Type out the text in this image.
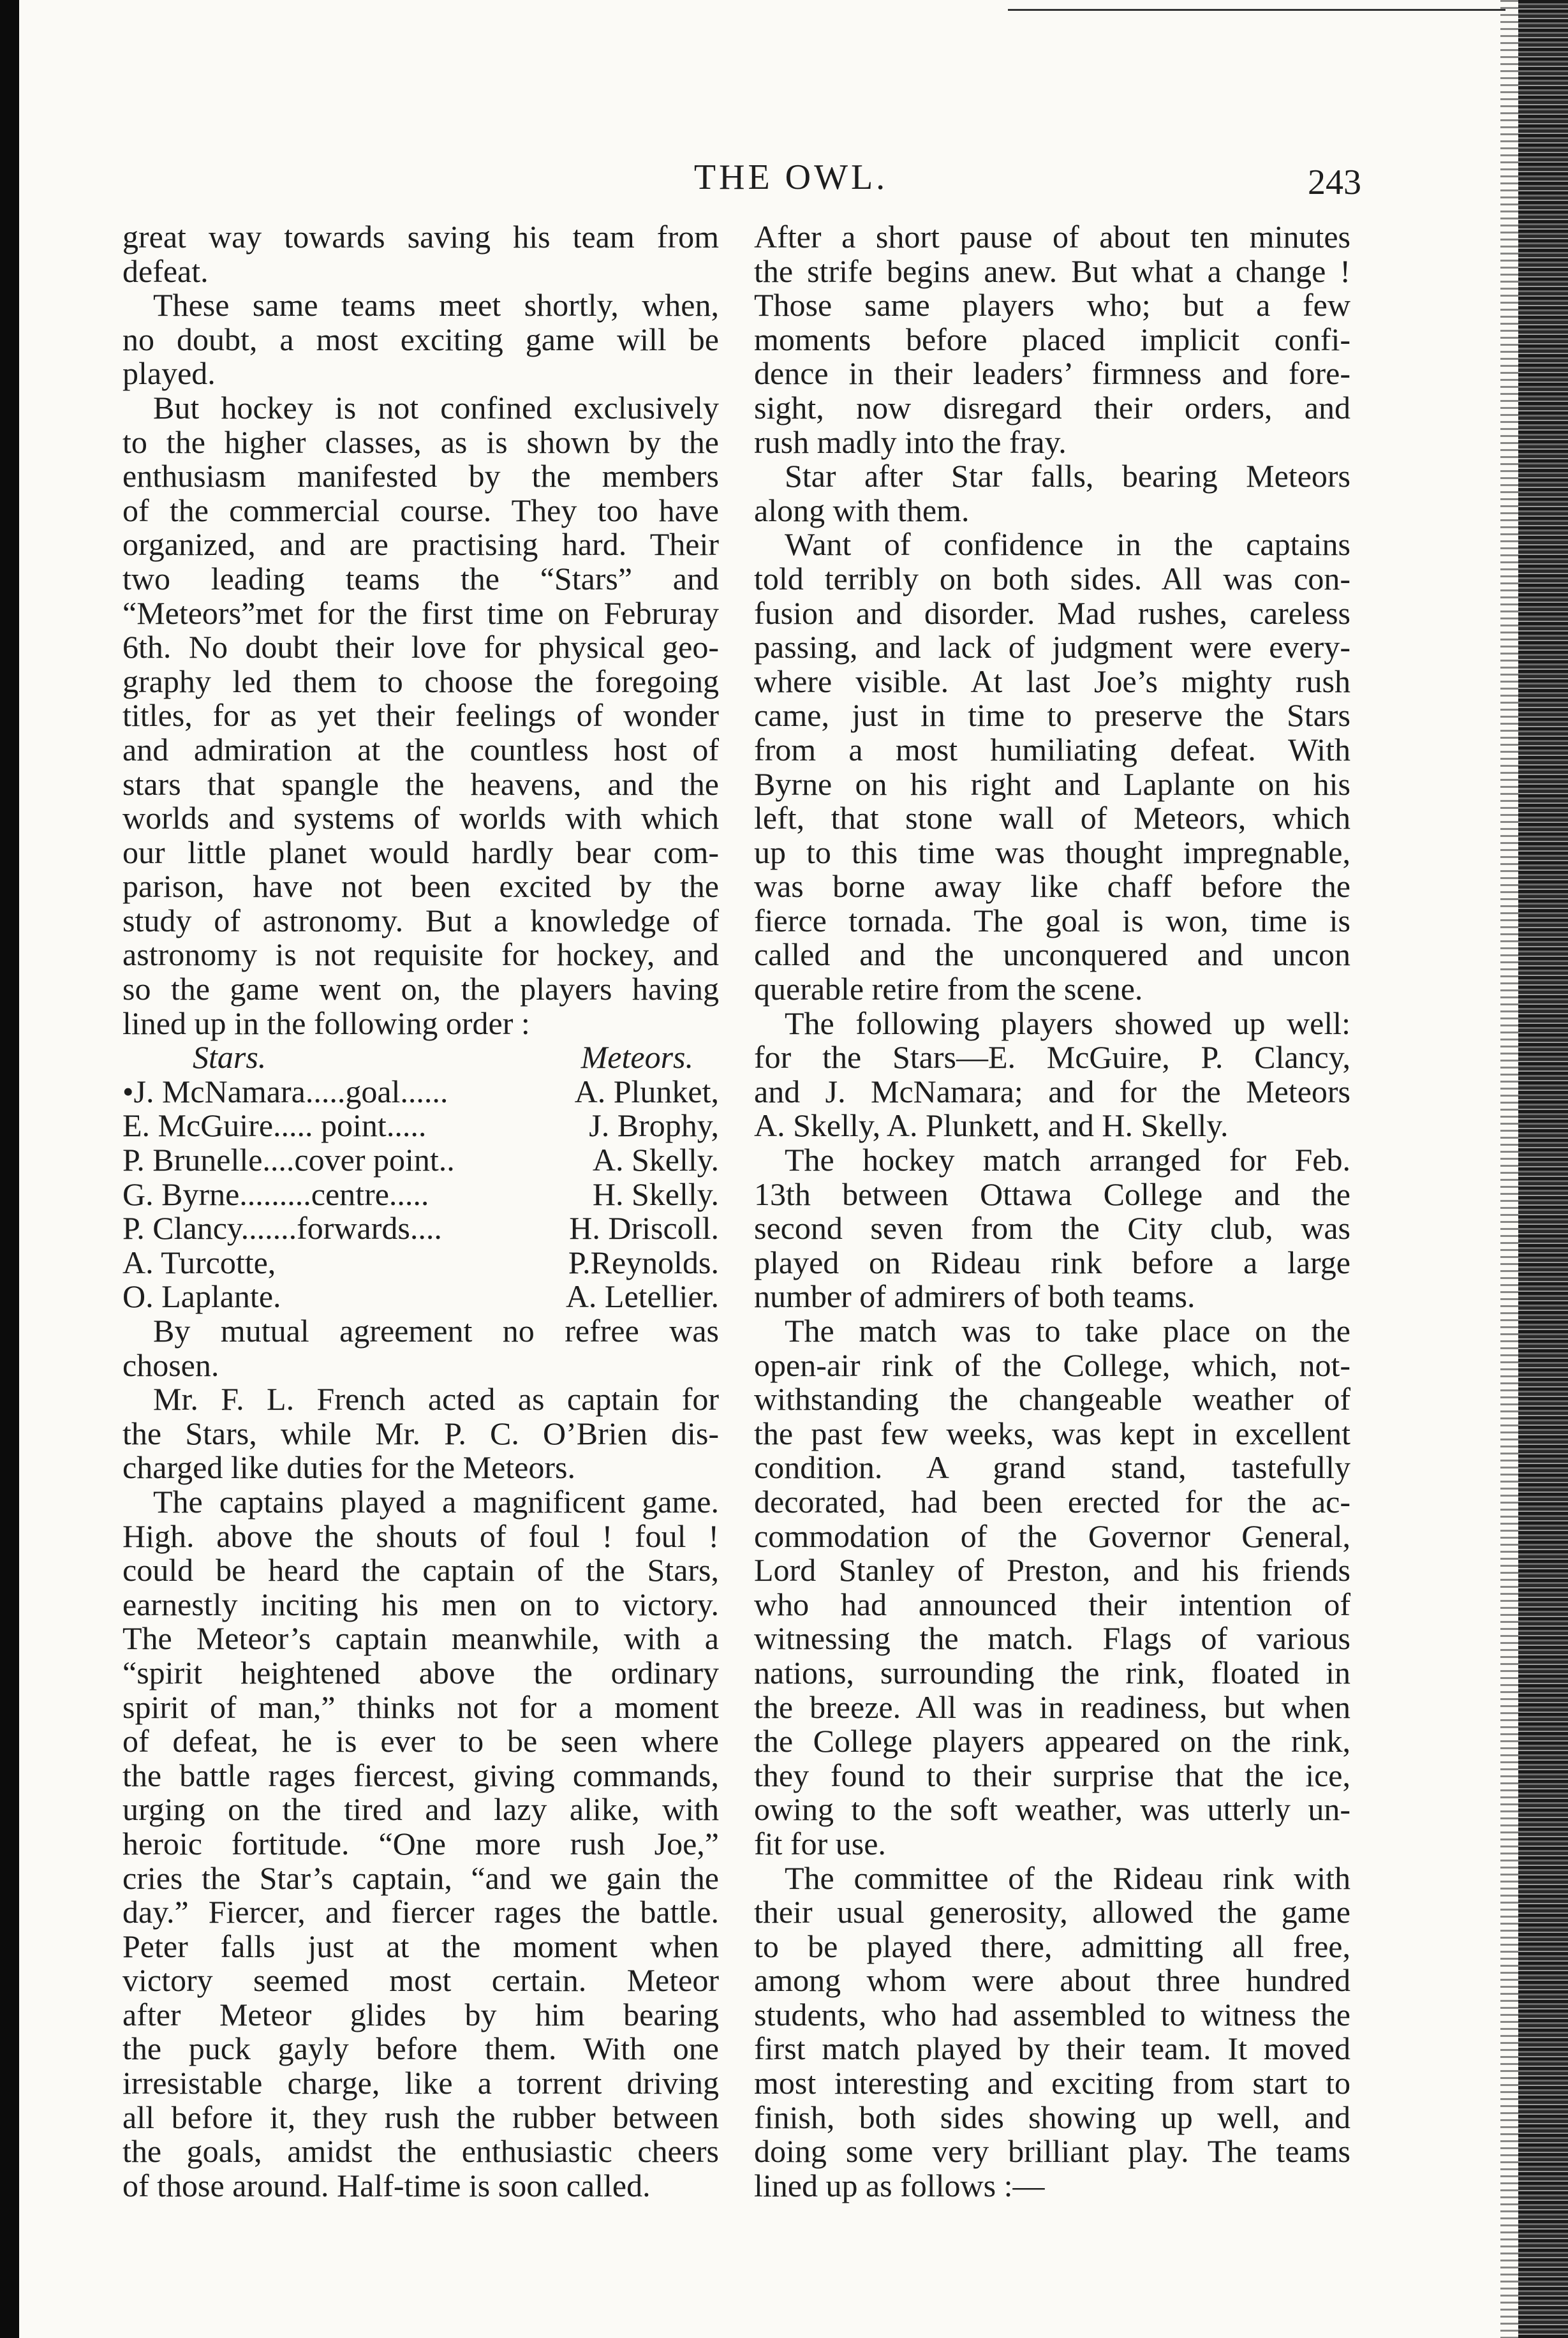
THE OWL.	243
great way towards saving his team from
defeat.
These same teams meet shortly, when,
no doubt, a most exciting game will be
played.
But hockey is not confined exclusively
to the higher classes, as is shown by the
enthusiasm manifested by the members
of the commercial course. They too have
organized, and are practising hard. Their
two leading teams the “Stars” and
“Meteors”met for the first time on Februray
6th. No doubt their love for physical geo-
graphy led them to choose the foregoing
titles, for as yet their feelings of wonder
and admiration at the countless host of
stars that spangle the heavens, and the
worlds and systems of worlds with which
our little planet would hardly bear com-
parison, have not been excited by the
study of astronomy. But a knowledge of
astronomy is not requisite for hockey, and
so the game went on, the players having
lined up in the following order :
Stars.	Meteors.
•J. McNamara.....goal......	A. Plunket,
E. McGuire..... point.....	J. Brophy,
P. Brunelle....cover point..	A. Skelly.
G. Byrne.........centre.....	H. Skelly.
P. Clancy.......forwards....	H. Driscoll.
A. Turcotte,	P.Reynolds.
O. Laplante.	A. Letellier.
By mutual agreement no refree was
chosen.
Mr. F. L. French acted as captain for
the Stars, while Mr. P. C. O’Brien dis-
charged like duties for the Meteors.
The captains played a magnificent game.
High. above the shouts of foul ! foul !
could be heard the captain of the Stars,
earnestly inciting his men on to victory.
The Meteor’s captain meanwhile, with a
“spirit heightened above the ordinary
spirit of man,” thinks not for a moment
of defeat, he is ever to be seen where
the battle rages fiercest, giving commands,
urging on the tired and lazy alike, with
heroic fortitude. “One more rush Joe,”
cries the Star’s captain, “and we gain the
day.” Fiercer, and fiercer rages the battle.
Peter falls just at the moment when
victory seemed most certain. Meteor
after Meteor glides by him bearing
the puck gayly before them. With one
irresistable charge, like a torrent driving
all before it, they rush the rubber between
the goals, amidst the enthusiastic cheers
of those around. Half-time is soon called.
After a short pause of about ten minutes
the strife begins anew. But what a change !
Those same players who; but a few
moments before placed implicit confi-
dence in their leaders’ firmness and fore-
sight, now disregard their orders, and
rush madly into the fray.
Star after Star falls, bearing Meteors
along with them.
Want of confidence in the captains
told terribly on both sides. All was con-
fusion and disorder. Mad rushes, careless
passing, and lack of judgment were every-
where visible. At last Joe’s mighty rush
came, just in time to preserve the Stars
from a most humiliating defeat. With
Byrne on his right and Laplante on his
left, that stone wall of Meteors, which
up to this time was thought impregnable,
was borne away like chaff before the
fierce tornada. The goal is won, time is
called and the unconquered and uncon
querable retire from the scene.
The following players showed up well:
for the Stars—E. McGuire, P. Clancy,
and J. McNamara; and for the Meteors
A. Skelly, A. Plunkett, and H. Skelly.
The hockey match arranged for Feb.
13th between Ottawa College and the
second seven from the City club, was
played on Rideau rink before a large
number of admirers of both teams.
The match was to take place on the
open-air rink of the College, which, not-
withstanding the changeable weather of
the past few weeks, was kept in excellent
condition. A grand stand, tastefully
decorated, had been erected for the ac-
commodation of the Governor General,
Lord Stanley of Preston, and his friends
who had announced their intention of
witnessing the match. Flags of various
nations, surrounding the rink, floated in
the breeze. All was in readiness, but when
the College players appeared on the rink,
they found to their surprise that the ice,
owing to the soft weather, was utterly un-
fit for use.
The committee of the Rideau rink with
their usual generosity, allowed the game
to be played there, admitting all free,
among whom were about three hundred
students, who had assembled to witness the
first match played by their team. It moved
most interesting and exciting from start to
finish, both sides showing up well, and
doing some very brilliant play. The teams
lined up as follows :—
